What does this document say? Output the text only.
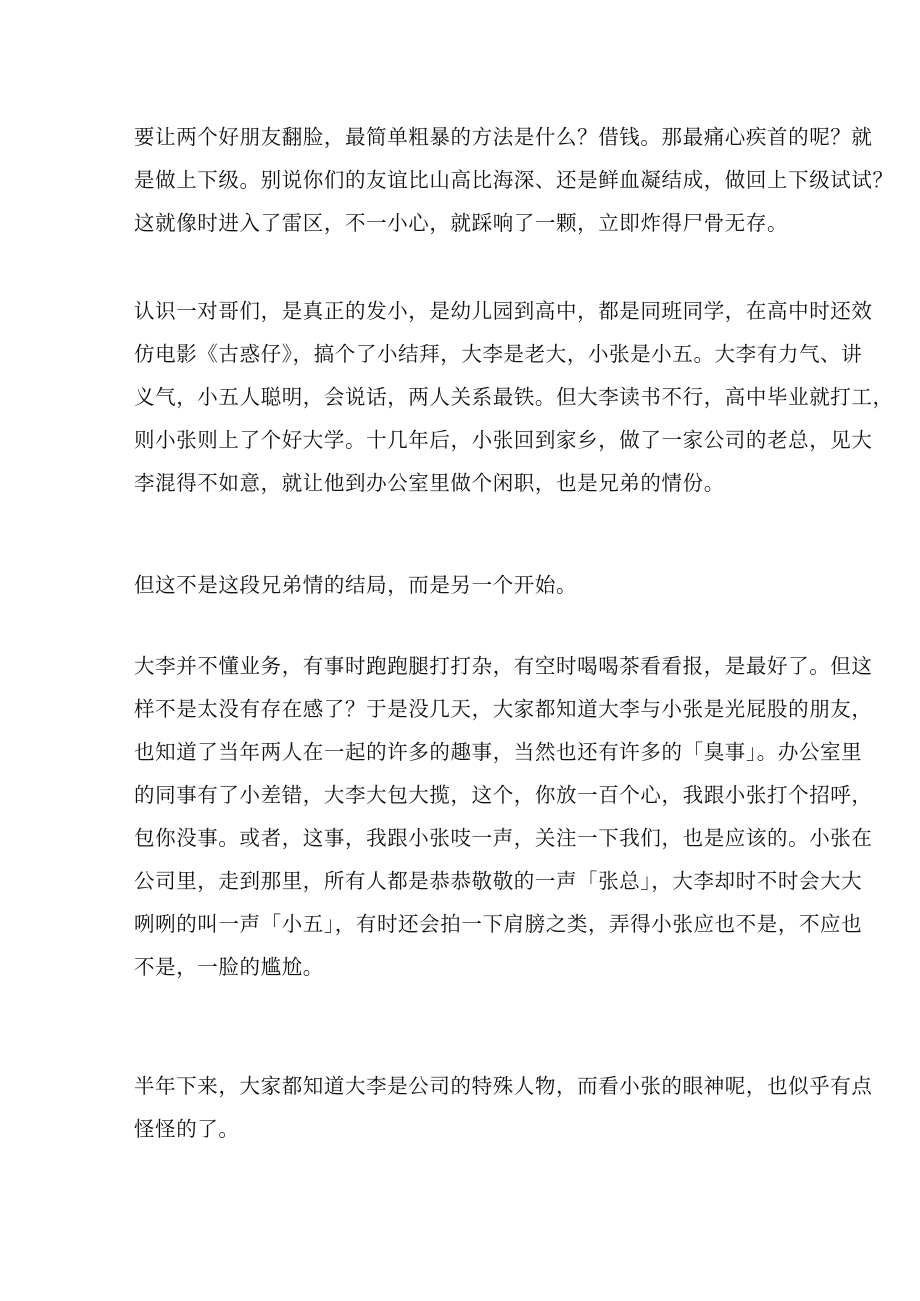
要让两个好朋友翻脸，最简单粗暴的方法是什么？借钱。那最痛心疾首的呢？就
是做上下级。别说你们的友谊比山高比海深、还是鲜血凝结成，做回上下级试试？
这就像时进入了雷区，不一小心，就踩响了一颗，立即炸得尸骨无存。

认识一对哥们，是真正的发小，是幼儿园到高中，都是同班同学，在高中时还效
仿电影《古惑仔》，搞个了小结拜，大李是老大，小张是小五。大李有力气、讲
义气，小五人聪明，会说话，两人关系最铁。但大李读书不行，高中毕业就打工，
则小张则上了个好大学。十几年后，小张回到家乡，做了一家公司的老总，见大
李混得不如意，就让他到办公室里做个闲职，也是兄弟的情份。

但这不是这段兄弟情的结局，而是另一个开始。

大李并不懂业务，有事时跑跑腿打打杂，有空时喝喝茶看看报，是最好了。但这
样不是太没有存在感了？于是没几天，大家都知道大李与小张是光屁股的朋友，
也知道了当年两人在一起的许多的趣事，当然也还有许多的「臭事」。办公室里
的同事有了小差错，大李大包大揽，这个，你放一百个心，我跟小张打个招呼，
包你没事。或者，这事，我跟小张吱一声，关注一下我们，也是应该的。小张在
公司里，走到那里，所有人都是恭恭敬敬的一声「张总」，大李却时不时会大大
咧咧的叫一声「小五」，有时还会拍一下肩膀之类，弄得小张应也不是，不应也
不是，一脸的尴尬。

半年下来，大家都知道大李是公司的特殊人物，而看小张的眼神呢，也似乎有点
怪怪的了。
